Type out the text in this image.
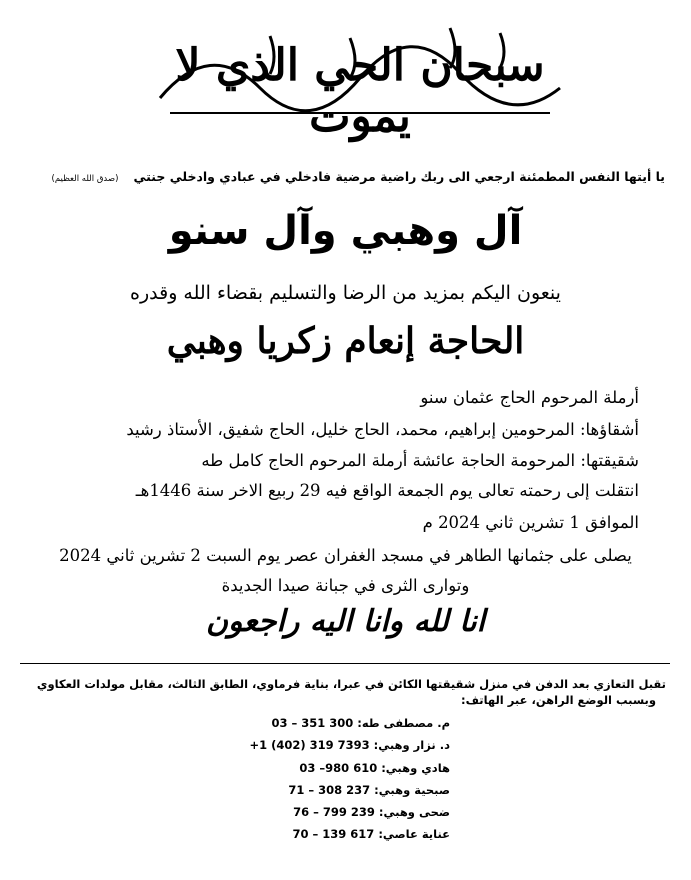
سبحان الحي الذي لا يموت
يا أيتها النفس المطمئنة ارجعي الى ربك راضية مرضية فادخلي في عبادي وادخلي جنتي (صدق الله العظيم)
آل وهبي وآل سنو
ينعون اليكم بمزيد من الرضا والتسليم بقضاء الله وقدره
الحاجة إنعام زكريا وهبي
أرملة المرحوم الحاج عثمان سنو
أشقاؤها: المرحومين إبراهيم، محمد، الحاج خليل، الحاج شفيق، الأستاذ رشيد
شقيقتها: المرحومة الحاجة عائشة أرملة المرحوم الحاج كامل طه
انتقلت إلى رحمته تعالى يوم الجمعة الواقع فيه 29 ربيع الاخر سنة 1446هـ
الموافق 1 تشرين ثاني 2024 م
يصلى على جثمانها الطاهر في مسجد الغفران عصر يوم السبت 2 تشرين ثاني 2024
وتوارى الثرى في جبانة صيدا الجديدة
انا لله وانا اليه راجعون
تقبل التعازي بعد الدفن في منزل شقيقتها الكائن في عبرا، بناية فرماوي، الطابق الثالث، مقابل مولدات العكاوي
وبسبب الوضع الراهن، عبر الهاتف:
م. مصطفى طه:03 – 351 300
د. نزار وهبي:+1 (402) 319 7393
هادي وهبي:03 –980 610
صبحية وهبي:71 – 308 237
ضحى وهبي:76 – 799 239
عناية عاصي:70 – 139 617
